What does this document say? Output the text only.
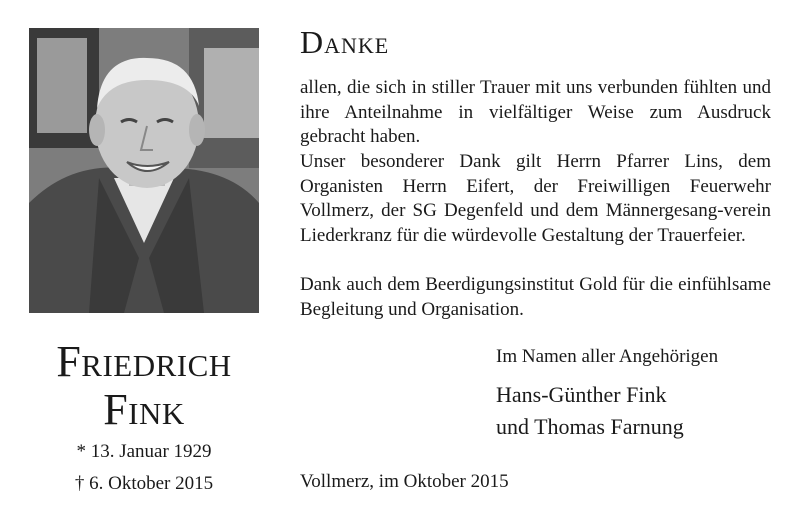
Friedrich
Fink
* 13. Januar 1929
† 6. Oktober 2015
Danke
allen, die sich in stiller Trauer mit uns verbunden fühlten und ihre Anteilnahme in vielfältiger Weise zum Ausdruck gebracht haben.
Unser besonderer Dank gilt Herrn Pfarrer Lins, dem Organisten Herrn Eifert, der Freiwilligen Feuerwehr Vollmerz, der SG Degenfeld und dem Männergesang-verein Liederkranz für die würdevolle Gestaltung der Trauerfeier.
Dank auch dem Beerdigungsinstitut Gold für die einfühlsame Begleitung und Organisation.
Im Namen aller Angehörigen
Hans-Günther Fink
und Thomas Farnung
Vollmerz, im Oktober 2015
